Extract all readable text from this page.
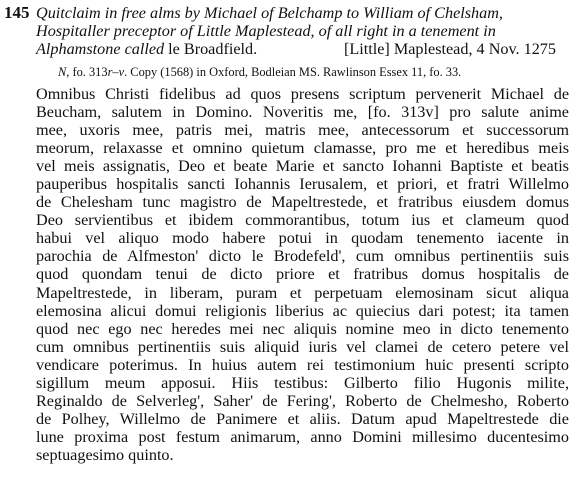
145 Quitclaim in free alms by Michael of Belchamp to William of Chelsham,
Hospitaller preceptor of Little Maplestead, of all right in a tenement in
Alphamstone called le Broadfield.	[Little] Maplestead, 4 Nov. 1275
N, fo. 313r–v. Copy (1568) in Oxford, Bodleian MS. Rawlinson Essex 11, fo. 33.
Omnibus Christi fidelibus ad quos presens scriptum pervenerit Michael de
Beucham, salutem in Domino. Noveritis me, [fo. 313v] pro salute anime
mee, uxoris mee, patris mei, matris mee, antecessorum et successorum
meorum, relaxasse et omnino quietum clamasse, pro me et heredibus meis
vel meis assignatis, Deo et beate Marie et sancto Iohanni Baptiste et beatis
pauperibus hospitalis sancti Iohannis Ierusalem, et priori, et fratri Willelmo
de Chelesham tunc magistro de Mapeltrestede, et fratribus eiusdem domus
Deo servientibus et ibidem commorantibus, totum ius et clameum quod
habui vel aliquo modo habere potui in quodam tenemento iacente in
parochia de Alfmeston' dicto le Brodefeld', cum omnibus pertinentiis suis
quod quondam tenui de dicto priore et fratribus domus hospitalis de
Mapeltrestede, in liberam, puram et perpetuam elemosinam sicut aliqua
elemosina alicui domui religionis liberius ac quiecius dari potest; ita tamen
quod nec ego nec heredes mei nec aliquis nomine meo in dicto tenemento
cum omnibus pertinentiis suis aliquid iuris vel clamei de cetero petere vel
vendicare poterimus. In huius autem rei testimonium huic presenti scripto
sigillum meum apposui. Hiis testibus: Gilberto filio Hugonis milite,
Reginaldo de Selverleg', Saher' de Fering', Roberto de Chelmesho, Roberto
de Polhey, Willelmo de Panimere et aliis. Datum apud Mapeltrestede die
lune proxima post festum animarum, anno Domini millesimo ducentesimo
septuagesimo quinto.
